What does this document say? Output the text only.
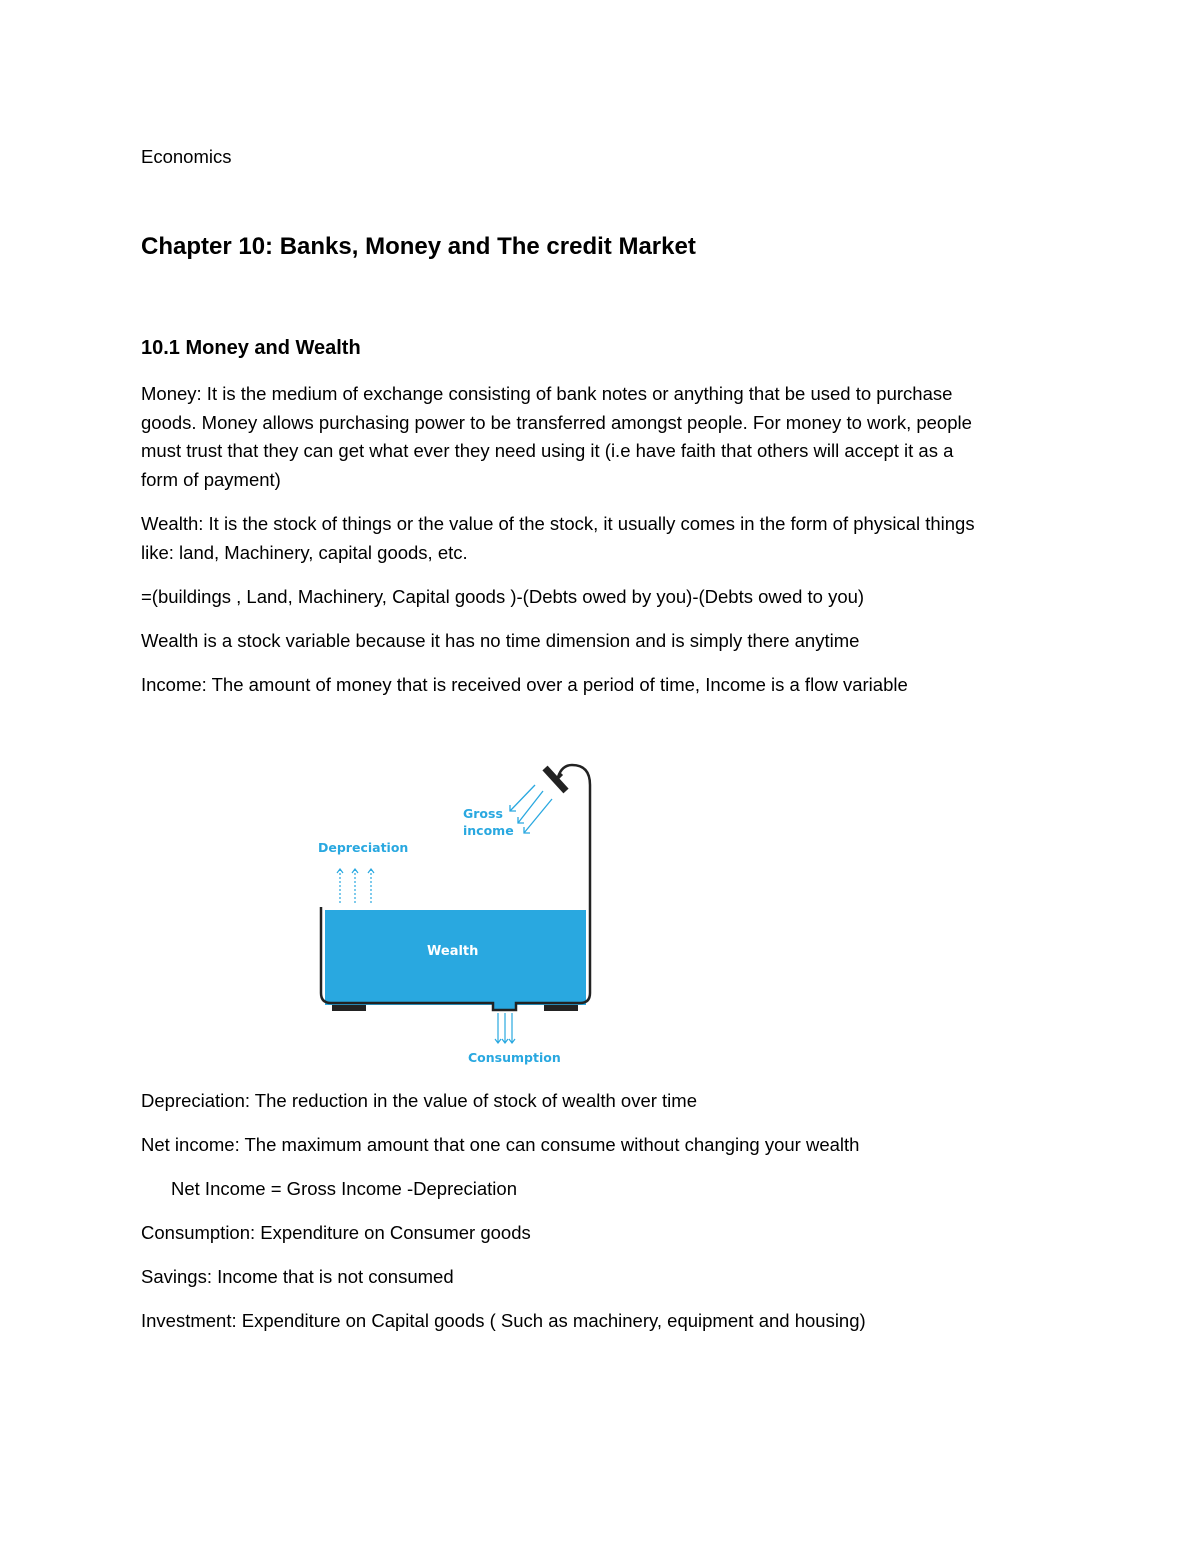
Economics
Chapter 10: Banks, Money and The credit Market
10.1 Money and Wealth

Money: It is the medium of exchange consisting of bank notes or anything that be used to purchase

goods. Money allows purchasing power to be transferred amongst people. For money to work, people

must trust that they can get what ever they need using it (i.e have faith that others will accept it as a

form of payment)

Wealth: It is the stock of things or the value of the stock, it usually comes in the form of physical things

like: land, Machinery, capital goods, etc.

=(buildings , Land, Machinery, Capital goods )-(Debts owed by you)-(Debts owed to you)
Wealth is a stock variable because it has no time dimension and is simply there anytime
Income: The amount of money that is received over a period of time, Income is a flow variable
Gross
income
Depreciation
Wealth
Consumption
Depreciation: The reduction in the value of stock of wealth over time
Net income: The maximum amount that one can consume without changing your wealth
Net Income = Gross Income -Depreciation
Consumption: Expenditure on Consumer goods
Savings: Income that is not consumed
Investment: Expenditure on Capital goods ( Such as machinery, equipment and housing)
